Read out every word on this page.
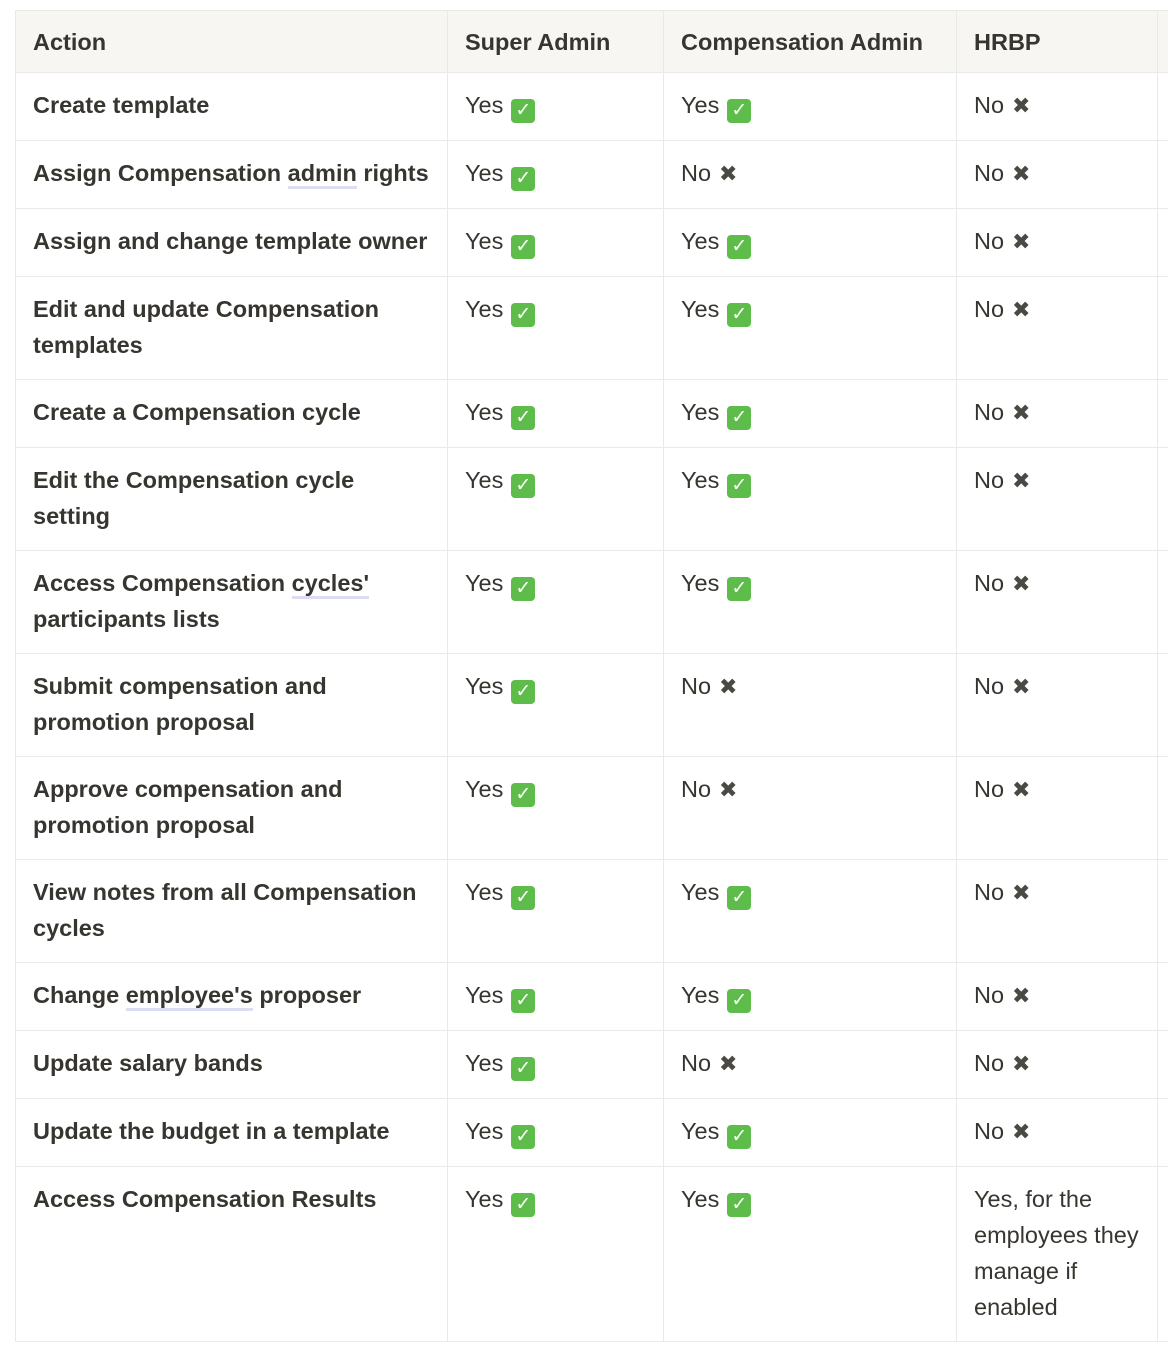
Action	Super Admin	Compensation Admin	HRBP	
Create template	Yes ✓	Yes ✓	No ✖	
Assign Compensation admin rights	Yes ✓	No ✖	No ✖	
Assign and change template owner	Yes ✓	Yes ✓	No ✖	
Edit and update Compensation templates	Yes ✓	Yes ✓	No ✖	
Create a Compensation cycle	Yes ✓	Yes ✓	No ✖	
Edit the Compensation cycle setting	Yes ✓	Yes ✓	No ✖	
Access Compensation cycles' participants lists	Yes ✓	Yes ✓	No ✖	
Submit compensation and promotion proposal	Yes ✓	No ✖	No ✖	
Approve compensation and promotion proposal	Yes ✓	No ✖	No ✖	
View notes from all Compensation cycles	Yes ✓	Yes ✓	No ✖	
Change employee's proposer	Yes ✓	Yes ✓	No ✖	
Update salary bands	Yes ✓	No ✖	No ✖	
Update the budget in a template	Yes ✓	Yes ✓	No ✖	
Access Compensation Results	Yes ✓	Yes ✓	Yes, for the employees they manage if enabled	
